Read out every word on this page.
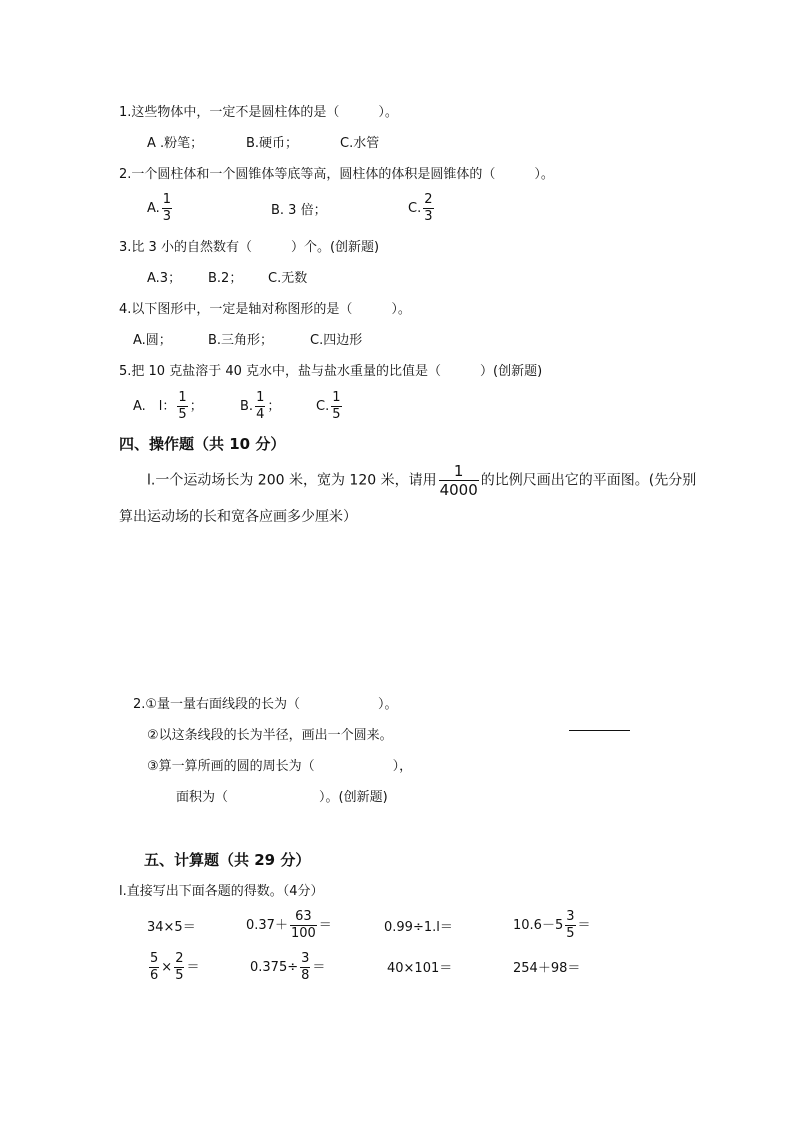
1.这些物体中，一定不是圆柱体的是（　　　）。
A .粉笔；	B.硬币；	C.水管
2.一个圆柱体和一个圆锥体等底等高，圆柱体的体积是圆锥体的（　　　）。
A. $\frac{1}{3}$	B. 3 倍；	C. $\frac{2}{3}$
3.比 3 小的自然数有（　　　）个。(创新题)
A.3； B.2； C.无数
4.以下图形中，一定是轴对称图形的是（　　　）。
A.圆；	B.三角形；	C.四边形
5.把 10 克盐溶于 40 克水中，盐与盐水重量的比值是（　　　）(创新题)
A.　l： $\frac{1}{5}$ ；	B. $\frac{1}{4}$ ；	C. $\frac{1}{5}$
四、操作题（共 10 分）
l.一个运动场长为 200 米，宽为 120 米，请用 $\frac{1}{4000}$ 的比例尺画出它的平面图。(先分别
算出运动场的长和宽各应画多少厘米）
2.①量一量右面线段的长为（　　　　　　）。
②以这条线段的长为半径，画出一个圆来。
③算一算所画的圆的周长为（　　　　　　），
面积为（　　　　　　　）。(创新题)
五、计算题（共 29 分）
l.直接写出下面各题的得数。（4分）
34×5＝	$0.37+ \frac{63}{100}$ ＝	0.99÷1.l＝	$10.6-5 \frac{3}{5}$ ＝
$\frac{5}{6} \times \frac{2}{5}$ ＝	$0.375\div \frac{3}{8}$ ＝	40×101＝	254＋98＝
